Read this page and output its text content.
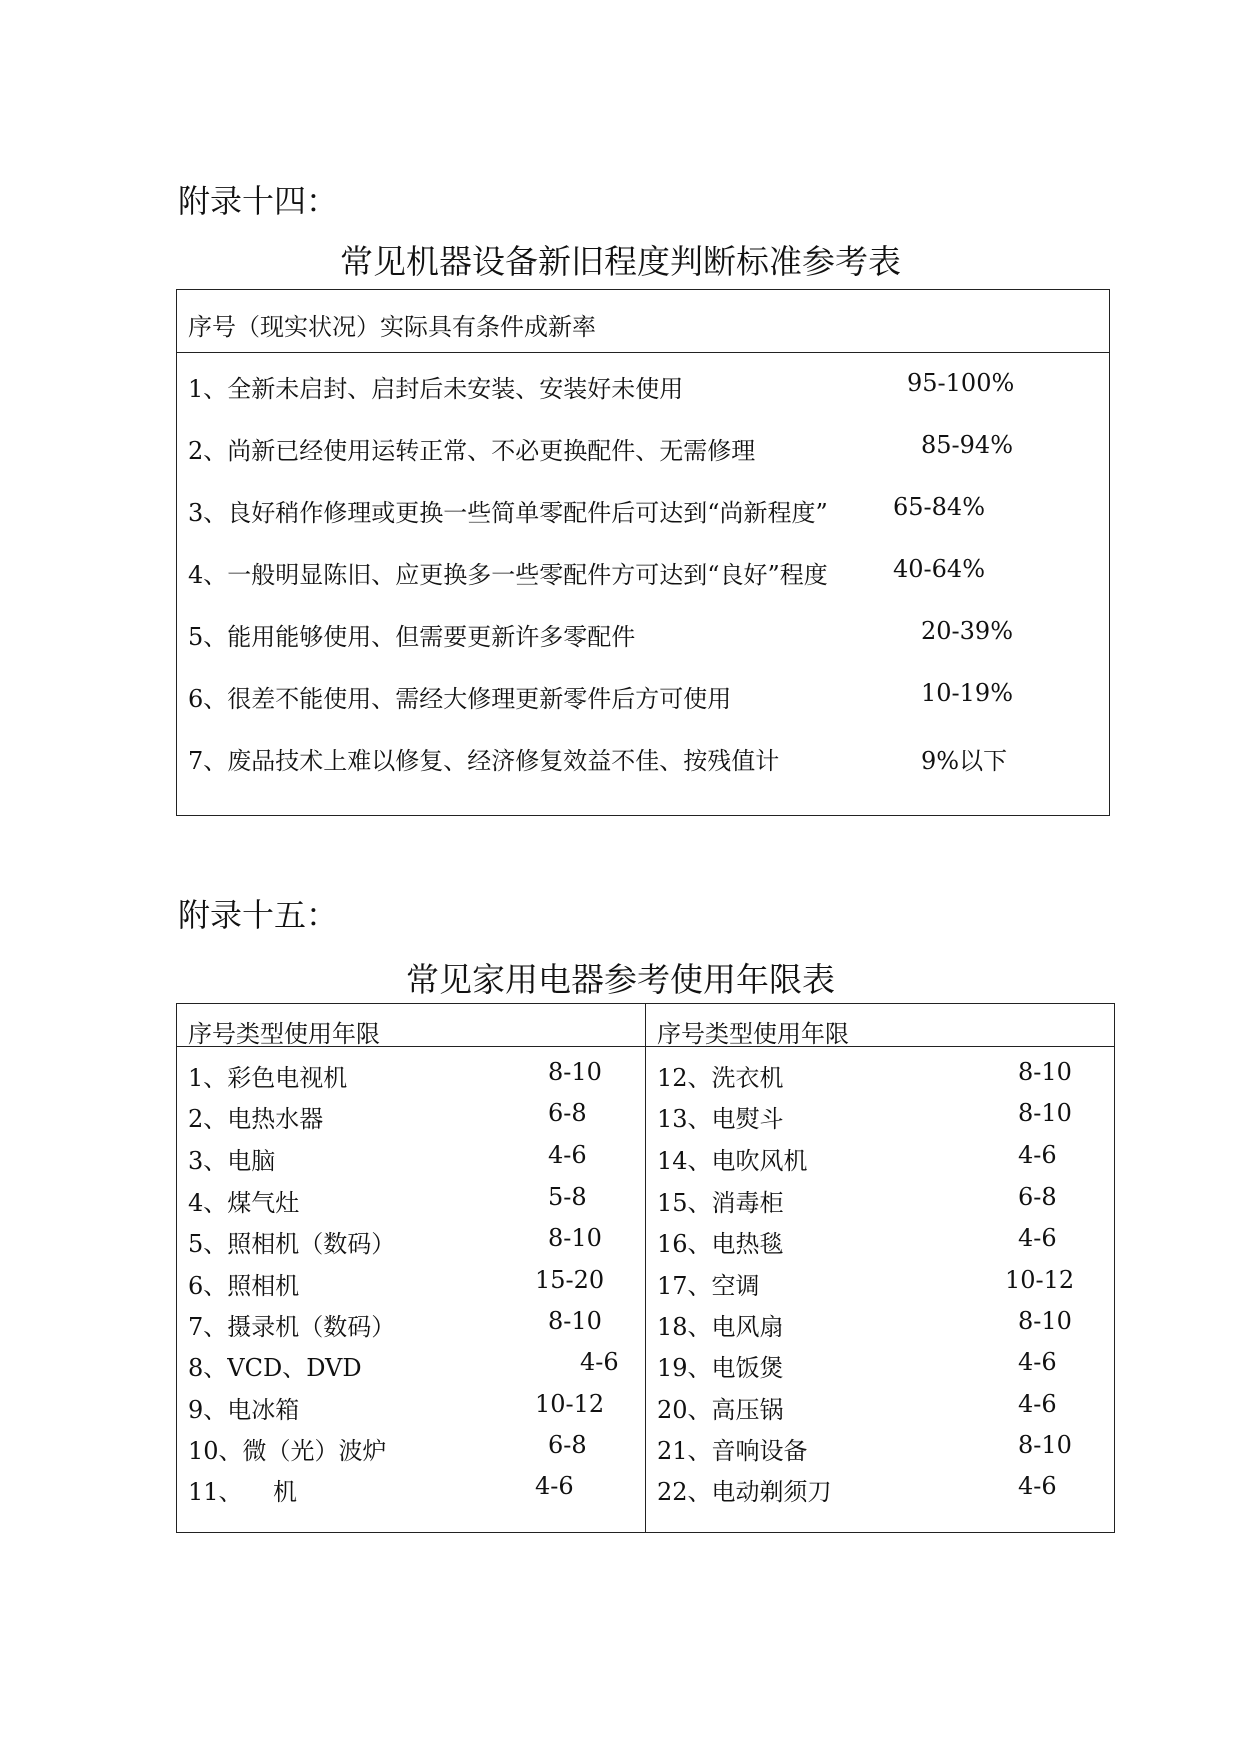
附录十四：
常见机器设备新旧程度判断标准参考表
序号（现实状况）实际具有条件成新率
1、全新未启封、启封后未安装、安装好未使用	95-100%
2、尚新已经使用运转正常、不必更换配件、无需修理	85-94%
3、良好稍作修理或更换一些简单零配件后可达到“尚新程度”	65-84%
4、一般明显陈旧、应更换多一些零配件方可达到“良好”程度	40-64%
5、能用能够使用、但需要更新许多零配件	20-39%
6、很差不能使用、需经大修理更新零件后方可使用	10-19%
7、废品技术上难以修复、经济修复效益不佳、按残值计	9%以下
附录十五：
常见家用电器参考使用年限表
序号类型使用年限	序号类型使用年限
1、彩色电视机	8-10
2、电热水器	6-8
3、电脑	4-6
4、煤气灶	5-8
5、照相机（数码）	8-10
6、照相机	15-20
7、摄录机（数码）	8-10
8、VCD、DVD	4-6
9、电冰箱	10-12
10、微（光）波炉	6-8
11、    机	4-6
12、洗衣机	8-10
13、电熨斗	8-10
14、电吹风机	4-6
15、消毒柜	6-8
16、电热毯	4-6
17、空调	10-12
18、电风扇	8-10
19、电饭煲	4-6
20、高压锅	4-6
21、音响设备	8-10
22、电动剃须刀	4-6
